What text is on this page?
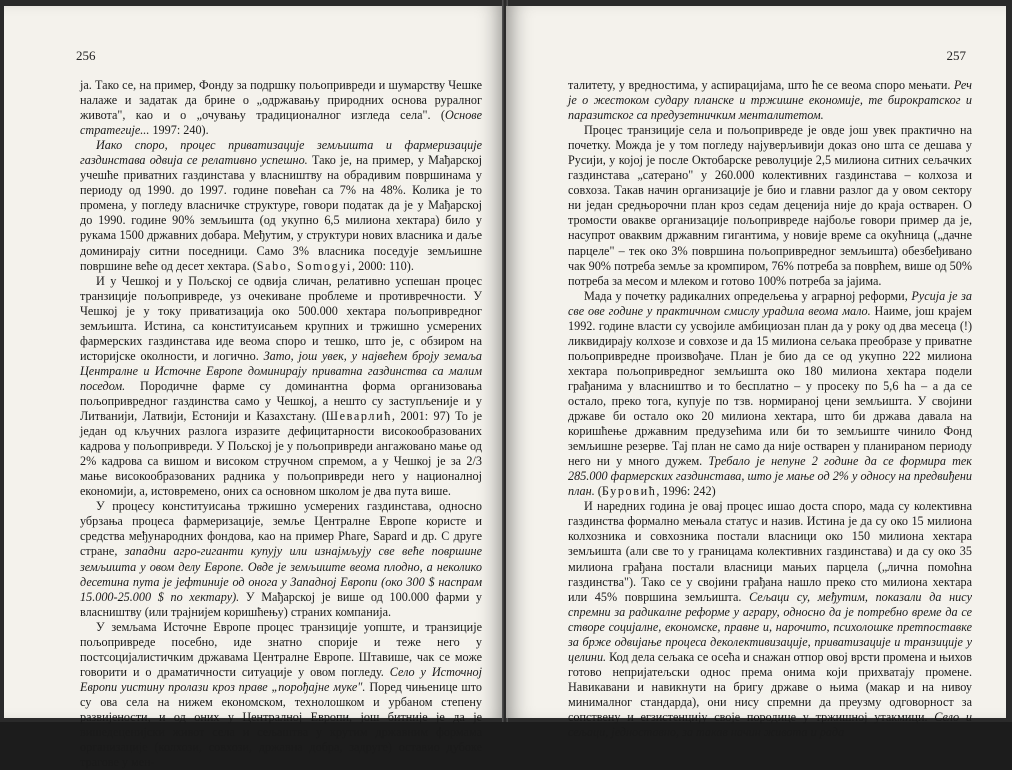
256

ја. Тако се, на пример, Фонду за подршку пољопривреди и шумарству Чешке налаже и задатак да брине о „одржавању природних основа руралног живота", као и о „очувању традиционалног изгледа села". (Основе стратегије... 1997: 240).

Иако споро, процес приватизације земљишта и фармеризације газдинстава одвија се релативно успешно. Тако је, на пример, у Мађарској учешће приватних газдинстава у власништву на обрадивим површинама у периоду од 1990. до 1997. године повећан са 7% на 48%. Колика је то промена, у погледу власничке структуре, говори податак да је у Мађарској до 1990. године 90% земљишта (од укупно 6,5 милиона хектара) било у рукама 1500 државних добара. Међутим, у структури нових власника и даље доминирају ситни поседници. Само 3% власника поседује земљишне површине веће од десет хектара. (Sabo, Somogyi, 2000: 110).

И у Чешкој и у Пољској се одвија сличан, релативно успешан процес транзиције пољопривреде, уз очекиване проблеме и противречности. У Чешкој је у току приватизација око 500.000 хектара пољопривредног земљишта. Истина, са конституисањем крупних и тржишно усмерених фармерских газдинстава иде веома споро и тешко, што је, с обзиром на историјске околности, и логично. Зато, још увек, у највећем броју земаља Централне и Источне Европе доминирају приватна газдинства са малим поседом. Породичне фарме су доминантна форма организовања пољопривредног газдинства само у Чешкој, а нешто су заступљеније и у Литванији, Латвији, Естонији и Казахстану. (Шеварлић, 2001: 97) То је један од кључних разлога изразите дефицитарности високообразованих кадрова у пољопривреди. У Пољској је у пољопривреди ангажовано мање од 2% кадрова са вишом и високом стручном спремом, а у Чешкој је за 2/3 мање високообразованих радника у пољопривреди него у националној економији, а, истовремено, оних са основном школом је два пута више.

У процесу конституисања тржишно усмерених газдинстава, односно убрзања процеса фармеризације, земље Централне Европе користе и средства међународних фондова, као на пример Phare, Sapard и др. С друге стране, западни агро-гиганти купују или изнајмљују све веће површине земљишта у овом делу Европе. Овде је земљиште веома плодно, а неколико десетина пута је јефтиније од онога у Западној Европи (око 300 $ наспрам 15.000-25.000 $ по хектару). У Мађарској је више од 100.000 фарми у власништву (или трајнијем коришћењу) страних компанија.

У земљама Источне Европе процес транзиције уопште, и транзиције пољопривреде посебно, иде знатно спорије и теже него у постсоцијалистичким државама Централне Европе. Штавише, чак се може говорити и о драматичности ситуације у овом погледу. Село у Источној Европи уистину пролази кроз праве „порођајне муке". Поред чињенице што су ова села на нижем економском, технолошком и урбаном степену развијености, и од оних у Централној Европи, још битније је да је вишедеценијски живот села и сељаштва у крутим државним формама организације (колхози, совхози, државна добра, задруге) оставио дубоке трагове у мен-

257

талитету, у вредностима, у аспирацијама, што ће се веома споро мењати. Реч је о жестоком судару планске и тржишне економије, те бирократског и паразитског са предузетничким менталитетом.

Процес транзиције села и пољопривреде је овде још увек практично на почетку. Можда је у том погледу најуверљивији доказ оно шта се дешава у Русији, у којој је после Октобарске револуције 2,5 милиона ситних сељачких газдинстава „сатерано" у 260.000 колективних газдинстава – колхоза и совхоза. Такав начин организације је био и главни разлог да у овом сектору ни један средњорочни план кроз седам деценија није до краја остварен. О тромости оваквe организације пољопривреде најбоље говори пример да је, насупрот оваквим државним гигантима, у новије време са окућница („дачне парцеле" – тек око 3% површина пољопривредног земљишта) обезбеђивано чак 90% потреба земље за кромпиром, 76% потреба за поврћем, више од 50% потреба за месом и млеком и готово 100% потреба за јајима.

Мада у почетку радикалних опредељења у аграрној реформи, Русија је за све ове године у практичном смислу урадила веома мало. Наиме, још крајем 1992. године власти су усвојиле амбициозан план да у року од два месеца (!) ликвидирају колхозе и совхозе и да 15 милиона сељака преобразе у приватне пољопривредне произвођаче. План је био да се од укупно 222 милиона хектара пољопривредног земљишта око 180 милиона хектара подели грађанима у власништво и то бесплатно – у просеку по 5,6 ha – а да се остало, преко тога, купује по тзв. нормираној цени земљишта. У својини државе би остало око 20 милиона хектара, што би држава давала на коришћење државним предузећима или би то земљиште чинило Фонд земљишне резерве. Тај план не само да није остварен у планираном периоду него ни у много дужем. Требало је непуне 2 године да се формира тек 285.000 фармерских газдинстава, што је мање од 2% у односу на предвиђени план. (Буровић, 1996: 242)

И наредних година је овај процес ишао доста споро, мада су колективна газдинства формално мењала статус и назив. Истина је да су око 15 милиона колхозника и совхозника постали власници око 150 милиона хектара земљишта (али све то у границама колективних газдинстава) и да су око 35 милиона грађана постали власници мањих парцела („лична помоћна газдинства"). Тако се у својини грађана нашло преко сто милиона хектара или 45% површина земљишта. Сељаци су, међутим, показали да нису спремни за радикалне реформе у аграру, односно да је потребно време да се створе социјалне, економске, правне и, нарочито, психолошке претпоставке за брже одвијање процеса деколективизације, приватизације и транзиције у целини. Код дела сељака се осећа и снажан отпор овој врсти промена и њихов готово непријатељски однос према онима који прихватају промене. Навикавани и навикнути на бригу државе о њима (макар и на нивоу минималног стандарда), они нису спремни да преузму одговорност за сопствену и егзистенцију своје породице у тржишној утакмици. Село и сељаци, једноставно, за такав начин живота и рада
